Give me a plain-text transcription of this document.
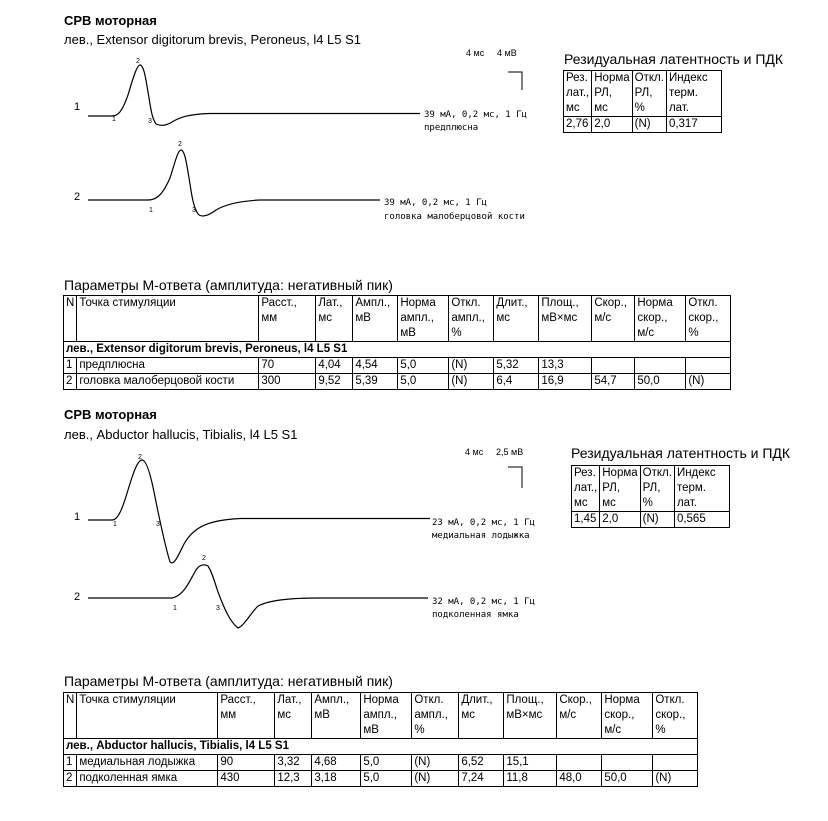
СРВ моторная
лев., Extensor digitorum brevis, Peroneus, l4 L5 S1
4 мс 4 мВ
1
1
2
3
39 мА, 0,2 мс, 1 Гц
предплюсна
2
1
2
3
39 мА, 0,2 мс, 1 Гц
головка малоберцовой кости
Резидуальная латентность и ПДК
Рез.
лат.,
мс	Норма
РЛ,
мс	Откл.
РЛ,
%	Индекс
терм.
лат.
2,76	2,0	(N)	0,317
Параметры М-ответа (амплитуда: негативный пик)
N	Точка стимуляции	Расст.,
мм	Лат.,
мс	Ампл.,
мВ	Норма
ампл.,
мВ	Откл.
ампл.,
%	Длит.,
мс	Площ.,
мВ×мс	Скор.,
м/с	Норма
скор.,
м/с	Откл.
скор.,
%
лев., Extensor digitorum brevis, Peroneus, l4 L5 S1											
1	предплюсна	70	4,04	4,54	5,0	(N)	5,32	13,3			
2	головка малоберцовой кости	300	9,52	5,39	5,0	(N)	6,4	16,9	54,7	50,0	(N)
СРВ моторная
лев., Abductor hallucis, Tibialis, l4 L5 S1
4 мс 2,5 мВ
1
1
2
3	23 мА, 0,2 мс, 1 Гц
медиальная лодыжка
2
1
2
3
32 мА, 0,2 мс, 1 Гц
подколенная ямка
Резидуальная латентность и ПДК
Рез.
лат.,
мс	Норма
РЛ,
мс	Откл.
РЛ,
%	Индекс
терм.
лат.
1,45	2,0	(N)	0,565
Параметры М-ответа (амплитуда: негативный пик)
N	Точка стимуляции	Расст.,
мм	Лат.,
мс	Ампл.,
мВ	Норма
ампл.,
мВ	Откл.
ампл.,
%	Длит.,
мс	Площ.,
мВ×мс	Скор.,
м/с	Норма
скор.,
м/с	Откл.
скор.,
%
лев., Abductor hallucis, Tibialis, l4 L5 S1											
1	медиальная лодыжка	90	3,32	4,68	5,0	(N)	6,52	15,1			
2	подколенная ямка	430	12,3	3,18	5,0	(N)	7,24	11,8	48,0	50,0	(N)
